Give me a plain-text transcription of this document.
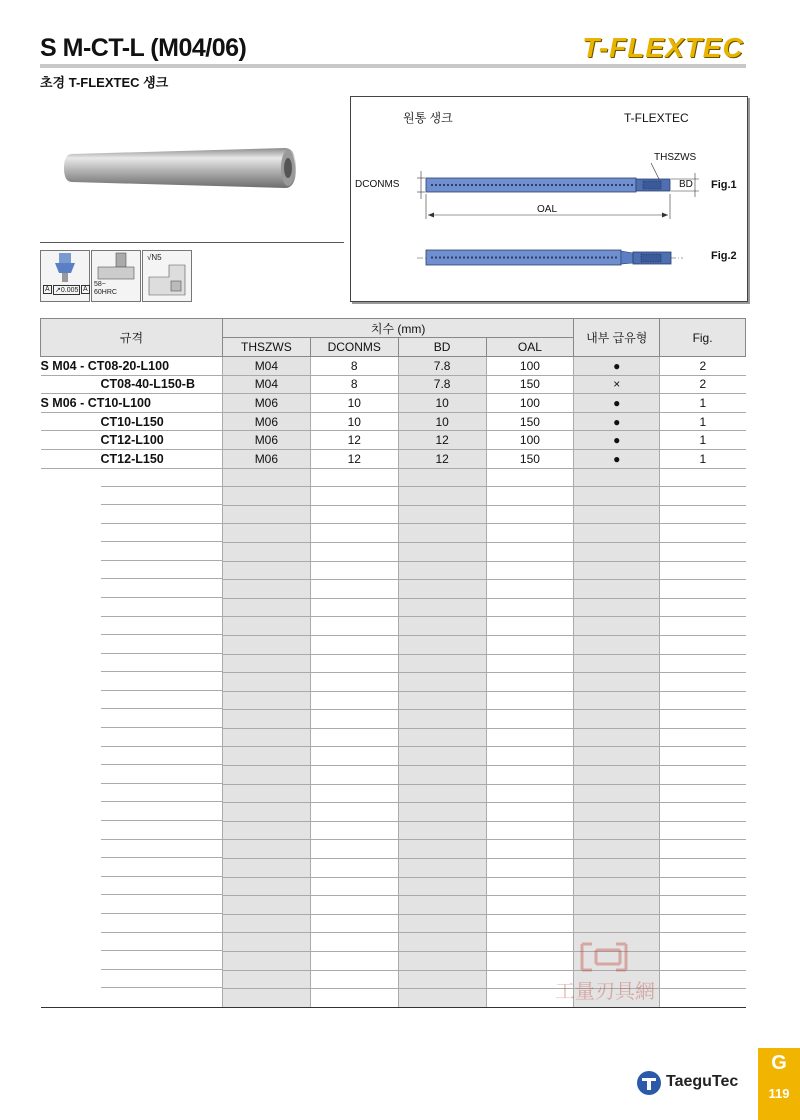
S M-CT-L (M04/06)	T-FLEXTEC
초경 T-FLEXTEC 섕크
A ↗0.005 A
58~
60HRC
√N5
원통 생크	T-FLEXTEC
THSZWS
DCONMS	BD
OAL
Fig.1
Fig.2
규격	치수 (mm)				내부 급유형	Fig.
	THSZWS	DCONMS	BD	OAL		
S M04 - CT08-20-L100	M04	8	7.8	100	●	2
CT08-40-L150-B	M04	8	7.8	150	×	2
S M06 - CT10-L100	M06	10	10	100	●	1
CT10-L150	M06	10	10	150	●	1
CT12-L100	M06	12	12	100	●	1
CT12-L150	M06	12	12	150	●	1

工量刃具網
TaeguTec
G
119
